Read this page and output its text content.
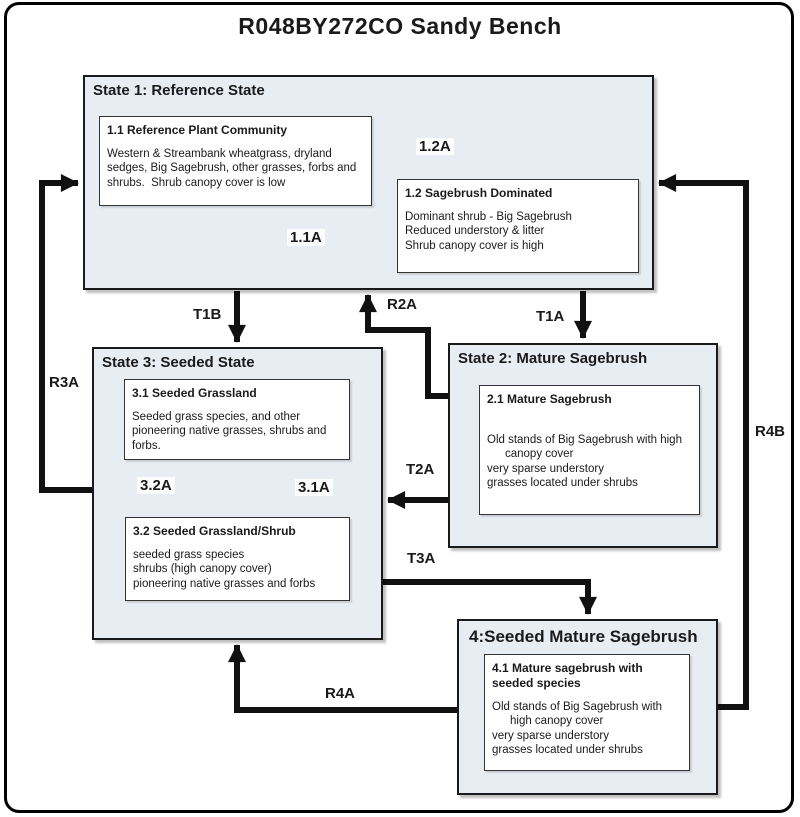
R048BY272CO Sandy Bench
State 1: Reference State
1.1 Reference Plant Community
Western & Streambank wheatgrass, dryland sedges, Big Sagebrush, other grasses, forbs and shrubs.  Shrub canopy cover is low
1.2 Sagebrush Dominated
Dominant shrub - Big Sagebrush
Reduced understory & litter
Shrub canopy cover is high
State 3: Seeded State
3.1 Seeded Grassland
Seeded grass species, and other pioneering native grasses, shrubs and forbs.
3.2 Seeded Grassland/Shrub
seeded grass species
shrubs (high canopy cover)
pioneering native grasses and forbs
State 2: Mature Sagebrush
2.1 Mature Sagebrush
Old stands of Big Sagebrush with high
canopy cover
very sparse understory
grasses located under shrubs
4:Seeded Mature Sagebrush
4.1 Mature sagebrush with seeded species
Old stands of Big Sagebrush with
high canopy cover
very sparse understory
grasses located under shrubs
1.2A
1.1A
T1B
R2A
T1A
R3A
3.2A	3.1A
T2A
T3A
R4A
R4B
